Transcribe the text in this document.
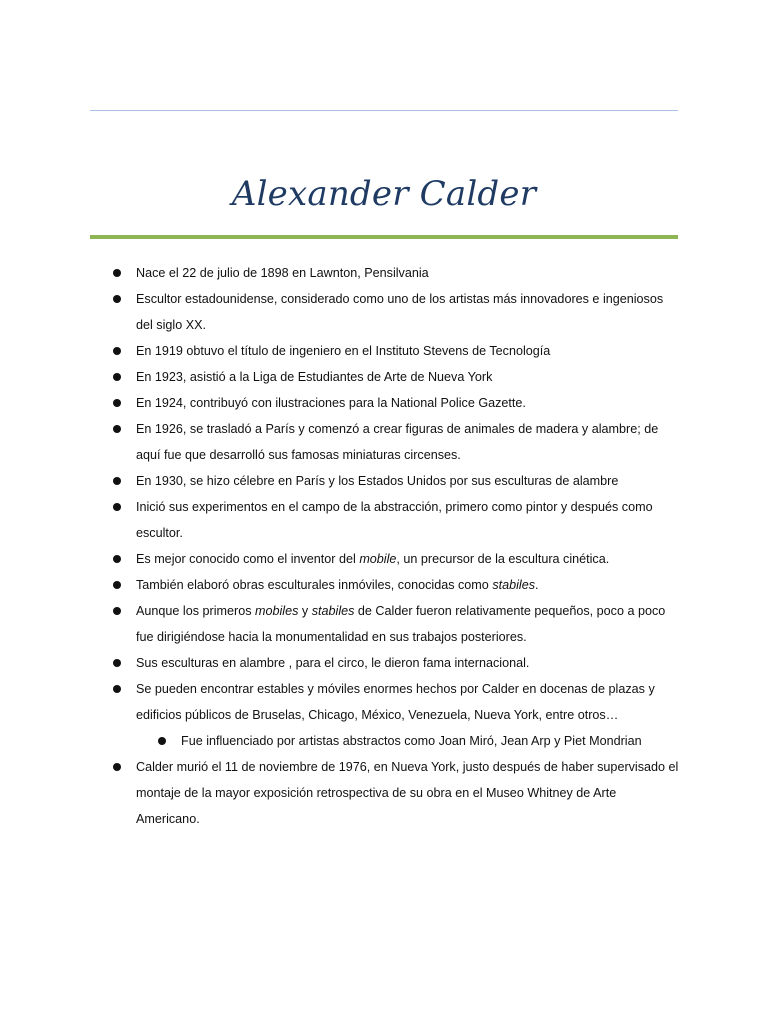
Alexander Calder
Nace el 22 de julio de 1898 en Lawnton, Pensilvania
Escultor estadounidense, considerado como uno de los artistas más innovadores e ingeniosos del siglo XX.
En 1919 obtuvo el título de ingeniero en el Instituto Stevens de Tecnología
En 1923, asistió a la Liga de Estudiantes de Arte de Nueva York
En 1924, contribuyó con ilustraciones para la National Police Gazette.
En 1926, se trasladó a París y comenzó a crear figuras de animales de madera y alambre; de aquí fue que desarrolló sus famosas miniaturas circenses.
En 1930, se hizo célebre en París y los Estados Unidos por sus esculturas de alambre
Inició sus experimentos en el campo de la abstracción, primero como pintor y después como escultor.
Es mejor conocido como el inventor del mobile, un precursor de la escultura cinética.
También elaboró obras esculturales inmóviles, conocidas como stabiles.
Aunque los primeros mobiles y stabiles de Calder fueron relativamente pequeños, poco a poco fue dirigiéndose hacia la monumentalidad en sus trabajos posteriores.
Sus esculturas en alambre , para el circo, le dieron fama internacional.
Se pueden encontrar estables y móviles enormes hechos por Calder en docenas de plazas y edificios públicos de Bruselas, Chicago, México, Venezuela, Nueva York, entre otros…
Fue influenciado por artistas abstractos como Joan Miró, Jean Arp y Piet Mondrian
Calder murió el 11 de noviembre de 1976, en Nueva York, justo después de haber supervisado el montaje de la mayor exposición retrospectiva de su obra en el Museo Whitney de Arte Americano.
